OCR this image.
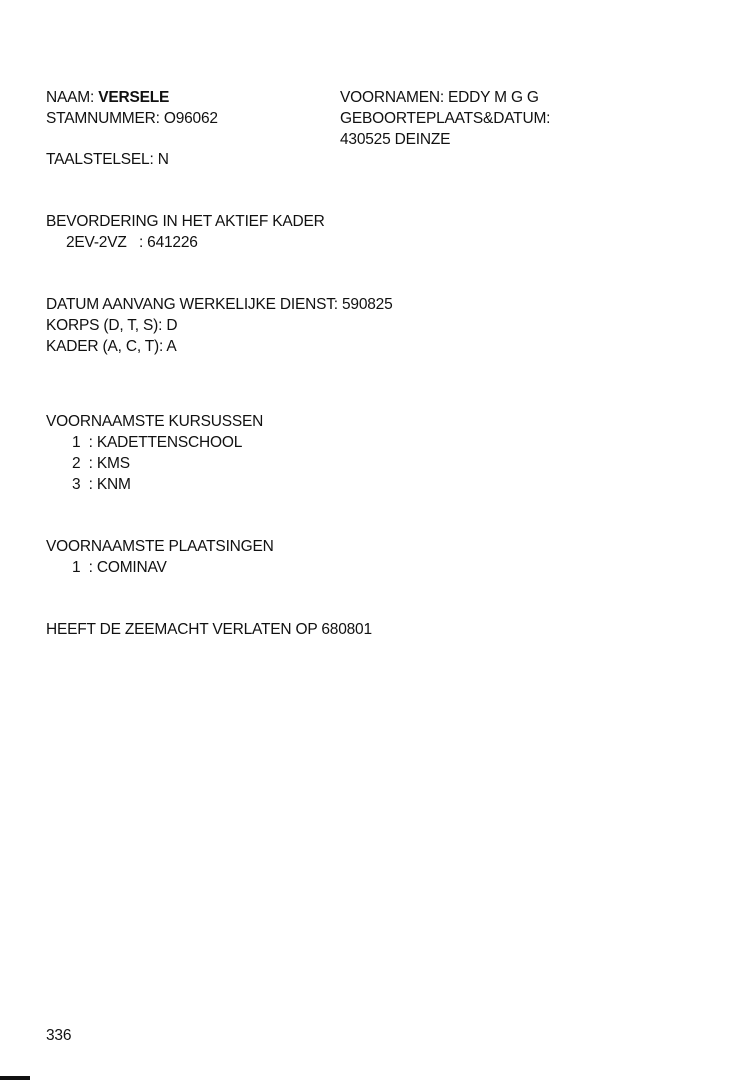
NAAM: VERSELE
STAMNUMMER: O96062
TAALSTELSEL: N
VOORNAMEN: EDDY M G G
GEBOORTEPLAATS&DATUM:
430525 DEINZE
BEVORDERING IN HET AKTIEF KADER
2EV-2VZ   : 641226
DATUM AANVANG WERKELIJKE DIENST: 590825
KORPS (D, T, S): D
KADER (A, C, T): A
VOORNAAMSTE KURSUSSEN
1  : KADETTENSCHOOL
2  : KMS
3  : KNM
VOORNAAMSTE PLAATSINGEN
1  : COMINAV
HEEFT DE ZEEMACHT VERLATEN OP 680801
336
